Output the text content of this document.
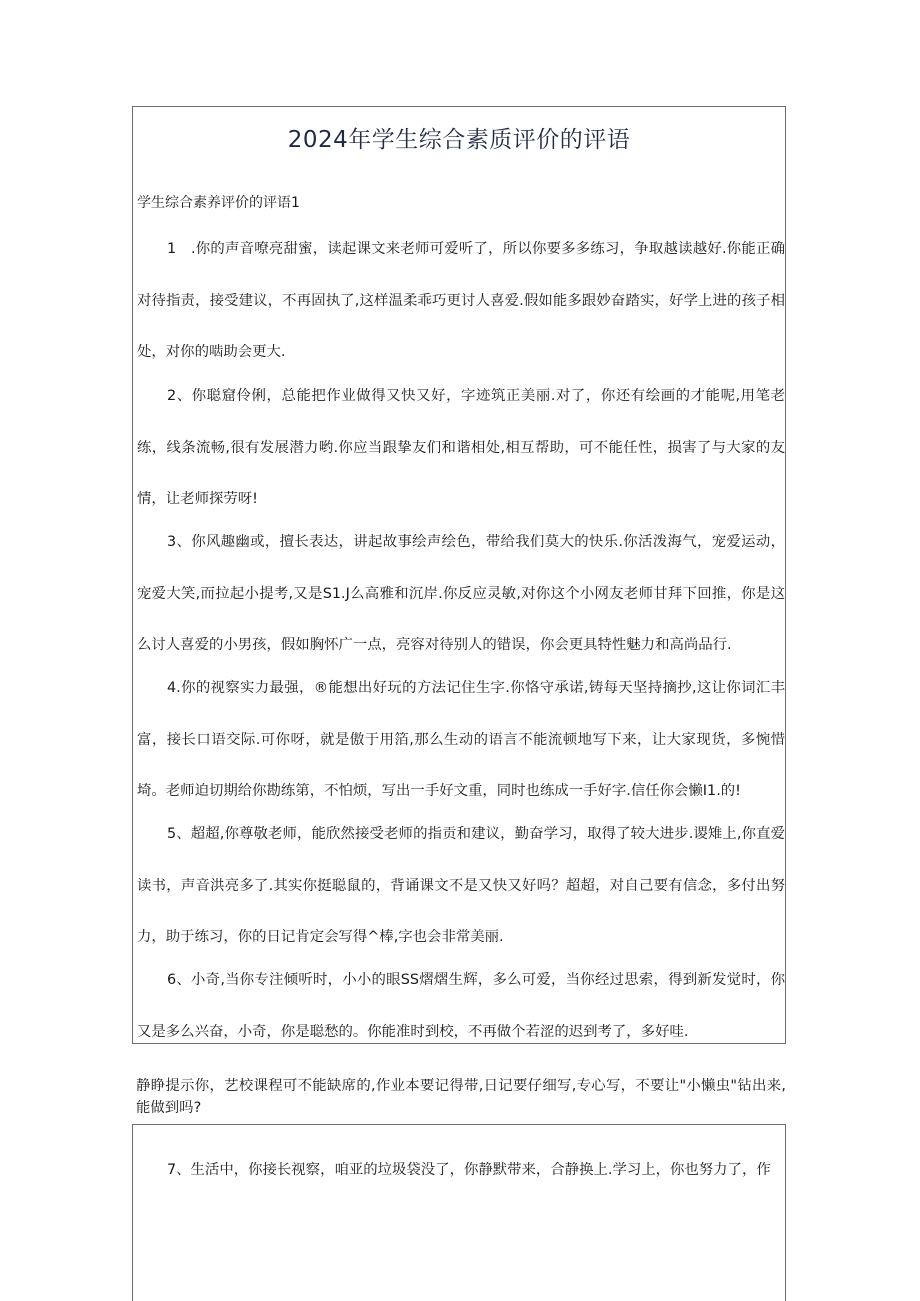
2024年学生综合素质评价的评语
学生综合素养评价的评语1

1　.你的声音嘹亮甜蜜，读起课文来老师可爱听了，所以你要多多练习，争取越读越好.你能正确对待指责，接受建议，不再固执了,这样温柔乖巧更讨人喜爱.假如能多跟妙奋踏实，好学上进的孩子相处，对你的啮助会更大.

2、你聪窟伶俐，总能把作业做得又快又好，字迹筑正美丽.对了，你还有绘画的才能呢,用笔老练，线条流畅,很有发展潜力哟.你应当跟挚友们和谐相处,相互帮助，可不能任性，损害了与大家的友情，让老师探劳呀!

3、你风趣幽或，擅长表达，讲起故事绘声绘色，带给我们莫大的快乐.你活泼海气，宠爱运动，宠爱大笑,而拉起小提考,又是S1.J么高雅和沉岸.你反应灵敏,对你这个小网友老师甘拜下回推，你是这么讨人喜爱的小男孩，假如胸怀广一点，亮容对待别人的错误，你会更具特性魅力和高尚品行.

4.你的视察实力最强，®能想出好玩的方法记住生字.你恪守承诺,铸每天坚持摘抄,这让你词汇丰富，接长口语交际.可你呀，就是傲于用箔,那么生动的语言不能流顿地写下来，让大家现货，多惋惜埼。老师迫切期给你勘练第，不怕烦，写出一手好文重，同时也练成一手好字.信任你会懒I1.的!

5、超超,你尊敬老师，能欣然接受老师的指贡和建议，勤奋学习，取得了较大进步.谡雉上,你直爱读书，声音洪亮多了.其实你挺聪鼠的，背诵课文不是又快又好吗？超超，对自己要有信念，多付出努力，助于练习，你的日记肯定会写得^棒,字也会非常美丽.

6、小奇,当你专注倾听时，小小的眼SS熠熠生辉，多么可爱，当你经过思索，得到新发觉时，你又是多么兴奋，小奇，你是聪愁的。你能准时到校，不再做个若涩的迟到考了，多好哇.

静睁提示你，艺校课程可不能缺席的,作业本要记得带,日记要仔细写,专心写，不要让"小懒虫"钻出来,能做到吗?

7、生活中，你接长视察，咱亚的垃圾袋没了，你静默带来，合静换上.学习上，你也努力了，作
